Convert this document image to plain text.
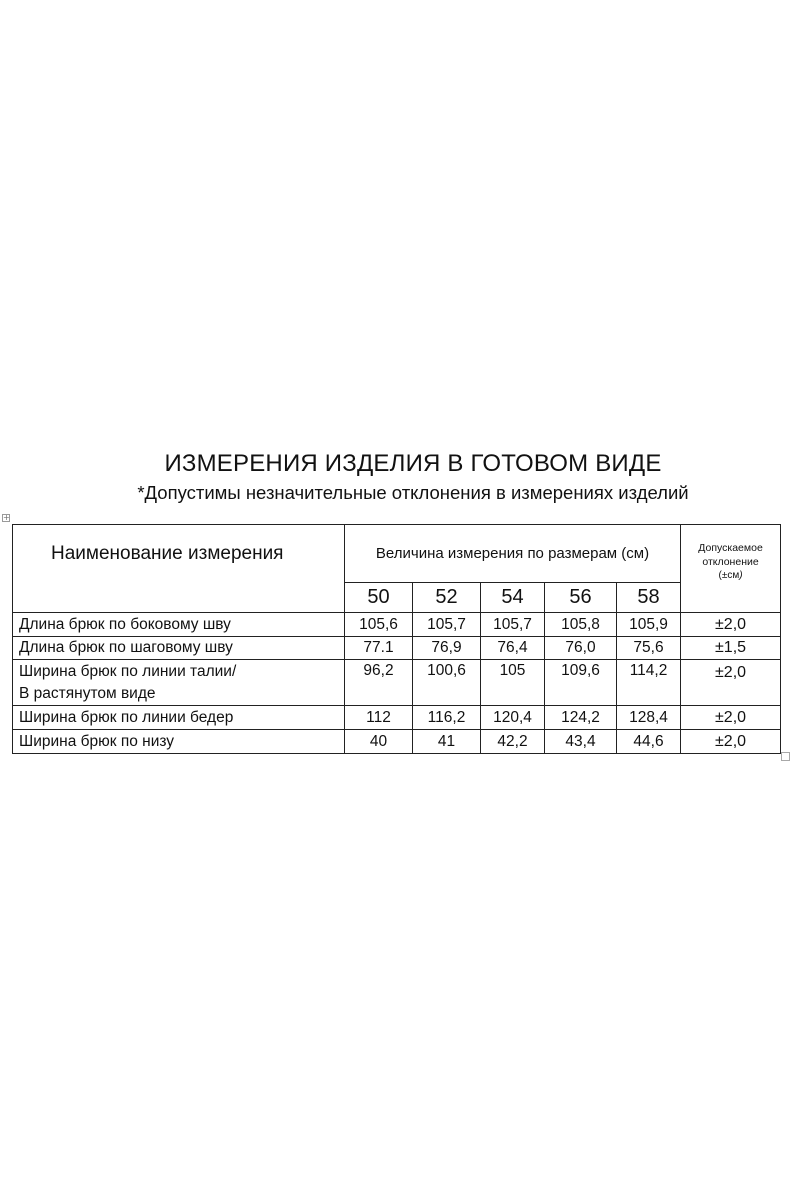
ИЗМЕРЕНИЯ ИЗДЕЛИЯ В ГОТОВОМ ВИДЕ
*Допустимы незначительные отклонения в измерениях изделий
+
Наименование измерения	Величина измерения по размерам (см)					Допускаемое
отклонение
(±см)

	50	52	54	56	58	
Длина брюк по боковому шву	105,6	105,7	105,7	105,8	105,9	±2,0
Длина брюк по шаговому шву	77.1	76,9	76,4	76,0	75,6	±1,5

Ширина брюк по линии талии/
В растянутом виде	96,2	100,6	105	109,6	114,2	±2,0
Ширина брюк по линии бедер	112	116,2	120,4	124,2	128,4	±2,0
Ширина брюк по низу	40	41	42,2	43,4	44,6	±2,0
